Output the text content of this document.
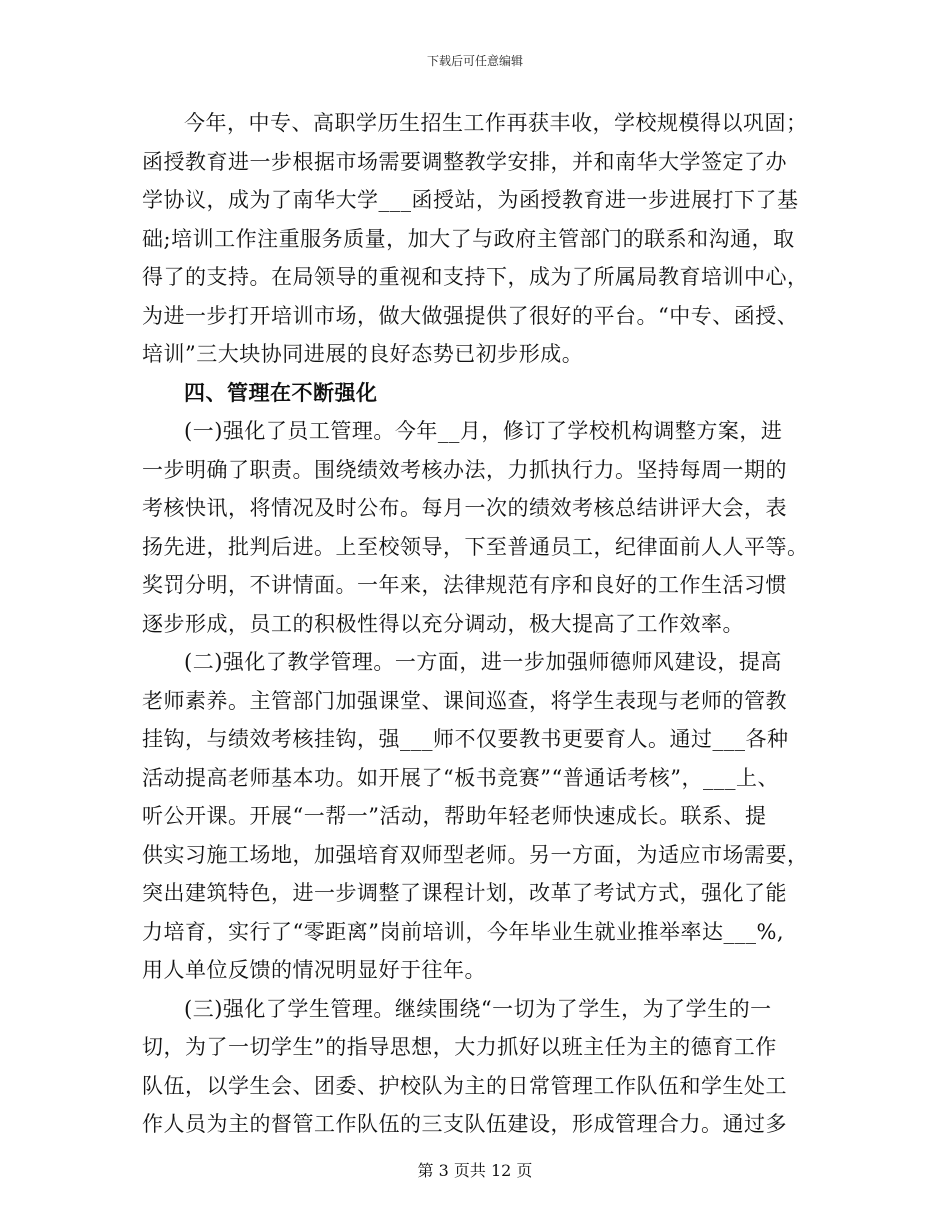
下载后可任意编辑

今年，中专、高职学历生招生工作再获丰收，学校规模得以巩固；
函授教育进一步根据市场需要调整教学安排，并和南华大学签定了办
学协议，成为了南华大学___函授站，为函授教育进一步进展打下了基
础;培训工作注重服务质量，加大了与政府主管部门的联系和沟通，取
得了的支持。在局领导的重视和支持下，成为了所属局教育培训中心，
为进一步打开培训市场，做大做强提供了很好的平台。“中专、函授、
培训”三大块协同进展的良好态势已初步形成。

四、管理在不断强化

(一)强化了员工管理。今年__月，修订了学校机构调整方案，进
一步明确了职责。围绕绩效考核办法，力抓执行力。坚持每周一期的
考核快讯，将情况及时公布。每月一次的绩效考核总结讲评大会，表
扬先进，批判后进。上至校领导，下至普通员工，纪律面前人人平等。
奖罚分明，不讲情面。一年来，法律规范有序和良好的工作生活习惯
逐步形成，员工的积极性得以充分调动，极大提高了工作效率。

(二)强化了教学管理。一方面，进一步加强师德师风建设，提高
老师素养。主管部门加强课堂、课间巡查，将学生表现与老师的管教
挂钩，与绩效考核挂钩，强___师不仅要教书更要育人。通过___各种
活动提高老师基本功。如开展了“板书竞赛”“普通话考核”，___上、
听公开课。开展“一帮一”活动，帮助年轻老师快速成长。联系、提
供实习施工场地，加强培育双师型老师。另一方面，为适应市场需要，
突出建筑特色，进一步调整了课程计划，改革了考试方式，强化了能
力培育，实行了“零距离”岗前培训，今年毕业生就业推举率达___%,
用人单位反馈的情况明显好于往年。

(三)强化了学生管理。继续围绕“一切为了学生，为了学生的一
切，为了一切学生”的指导思想，大力抓好以班主任为主的德育工作
队伍，以学生会、团委、护校队为主的日常管理工作队伍和学生处工
作人员为主的督管工作队伍的三支队伍建设，形成管理合力。通过多

第 3 页共 12 页
